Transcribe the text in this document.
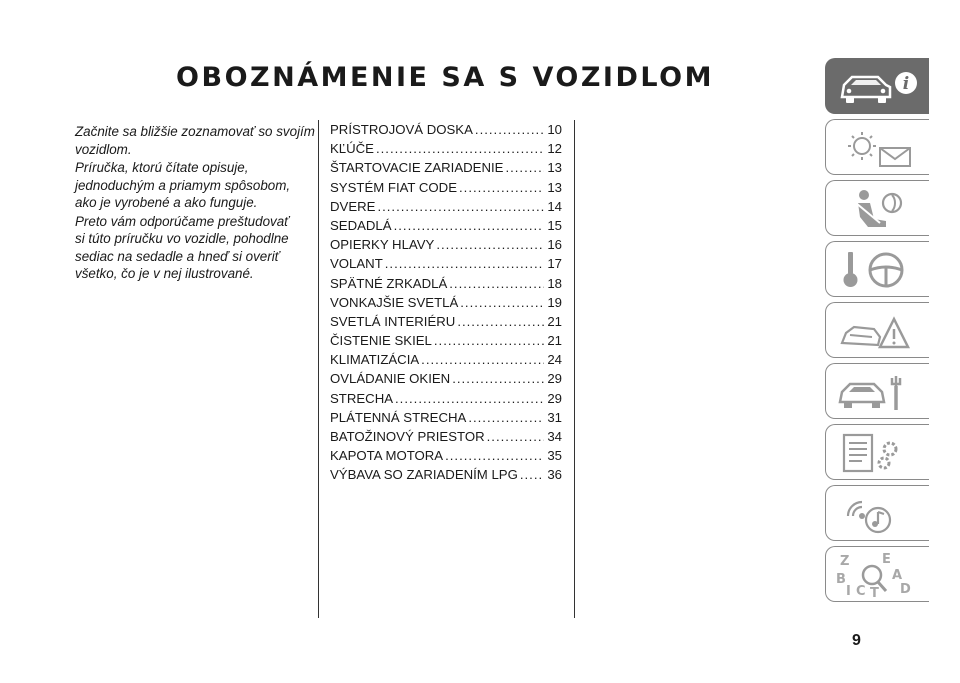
OBOZNÁMENIE SA S VOZIDLOM

Začnite sa bližšie zoznamovať so svojím
vozidlom.

Príručka, ktorú čítate opisuje,
jednoduchým a priamym spôsobom,
ako je vyrobené a ako funguje.

Preto vám odporúčame preštudovať
si túto príručku vo vozidle, pohodlne
sediac na sedadle a hneď si overiť
všetko, čo je v nej ilustrované.

PRÍSTROJOVÁ DOSKA .....	10
KĽÚČE .....	12
ŠTARTOVACIE ZARIADENIE .....	13
SYSTÉM FIAT CODE .....	13
DVERE .....	14
SEDADLÁ .....	15
OPIERKY HLAVY .....	16
VOLANT .....	17
SPÄTNÉ ZRKADLÁ .....	18
VONKAJŠIE SVETLÁ .....	19
SVETLÁ INTERIÉRU .....	21
ČISTENIE SKIEL .....	21
KLIMATIZÁCIA .....	24
OVLÁDANIE OKIEN .....	29
STRECHA .....	29
PLÁTENNÁ STRECHA .....	31
BATOŽINOVÝ PRIESTOR .....	34
KAPOTA MOTORA .....	35
VÝBAVA SO ZARIADENÍM LPG ..... 36
i
Z	E
B	A
I C T D
9
